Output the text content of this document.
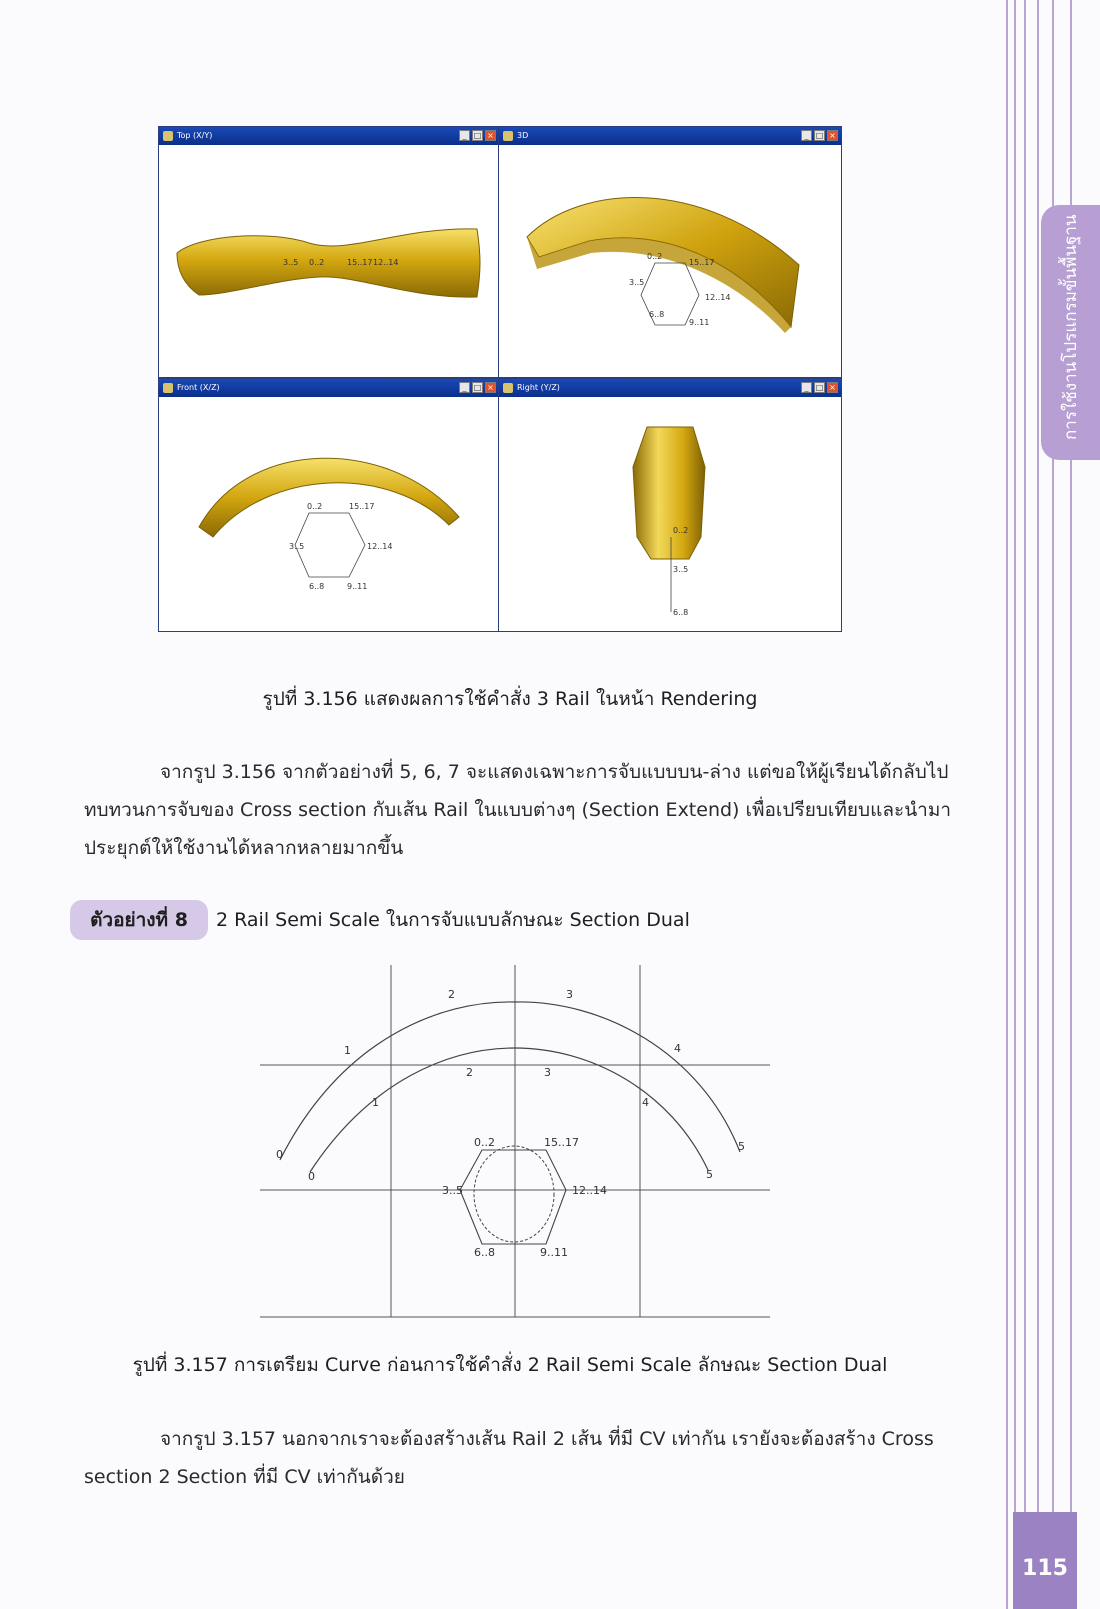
การใช้งานโปรแกรมขั้นพื้นฐาน
115
Top (X/Y)	_ □ ×
3..5 0..2	15..17 12..14
3D	_ □ ×
0..2
15..17
3..5
12..14
6..8
9..11
Front (X/Z)	_ □ ×
0..2	15..17
3..5	12..14
6..8	9..11
Right (Y/Z)	_ □ ×
0..2
3..5
6..8
รูปที่ 3.156 แสดงผลการใช้คำสั่ง 3 Rail ในหน้า Rendering
จากรูป 3.156 จากตัวอย่างที่ 5, 6, 7 จะแสดงเฉพาะการจับแบบบน-ล่าง แต่ขอให้ผู้เรียนได้กลับไปทบทวนการจับของ Cross section กับเส้น Rail ในแบบต่างๆ (Section Extend) เพื่อเปรียบเทียบและนำมาประยุกต์ให้ใช้งานได้หลากหลายมากขึ้น
ตัวอย่างที่ 8	2 Rail Semi Scale ในการจับแบบลักษณะ Section Dual
0
1
2	3
4
5
0
1
2	3
4
5
0..2	15..17
3..5	12..14
6..8	9..11
รูปที่ 3.157 การเตรียม Curve ก่อนการใช้คำสั่ง 2 Rail Semi Scale ลักษณะ Section Dual
จากรูป 3.157 นอกจากเราจะต้องสร้างเส้น Rail 2 เส้น ที่มี CV เท่ากัน เรายังจะต้องสร้าง Cross section 2 Section ที่มี CV เท่ากันด้วย
